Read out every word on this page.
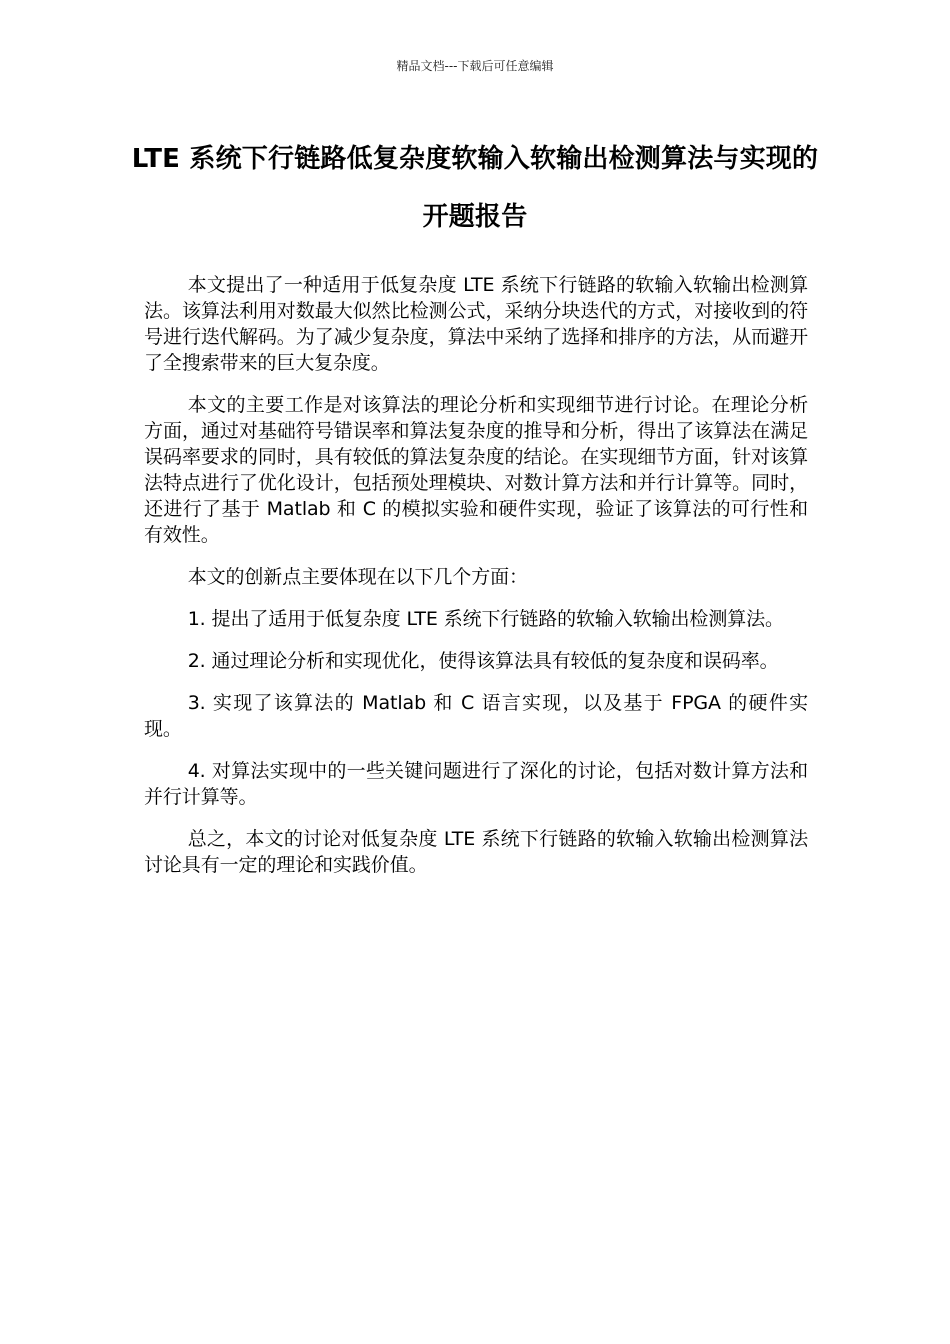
精品文档---下载后可任意编辑
LTE 系统下行链路低复杂度软输入软输出检测算法与实现的开题报告

本文提出了一种适用于低复杂度 LTE 系统下行链路的软输入软输出检测算法。该算法利用对数最大似然比检测公式，采纳分块迭代的方式，对接收到的符号进行迭代解码。为了减少复杂度，算法中采纳了选择和排序的方法，从而避开了全搜索带来的巨大复杂度。

本文的主要工作是对该算法的理论分析和实现细节进行讨论。在理论分析方面，通过对基础符号错误率和算法复杂度的推导和分析，得出了该算法在满足误码率要求的同时，具有较低的算法复杂度的结论。在实现细节方面，针对该算法特点进行了优化设计，包括预处理模块、对数计算方法和并行计算等。同时，还进行了基于 Matlab 和 C 的模拟实验和硬件实现，验证了该算法的可行性和有效性。

本文的创新点主要体现在以下几个方面：

1. 提出了适用于低复杂度 LTE 系统下行链路的软输入软输出检测算法。

2. 通过理论分析和实现优化，使得该算法具有较低的复杂度和误码率。

3. 实现了该算法的 Matlab 和 C 语言实现，以及基于 FPGA 的硬件实现。

4. 对算法实现中的一些关键问题进行了深化的讨论，包括对数计算方法和并行计算等。

总之，本文的讨论对低复杂度 LTE 系统下行链路的软输入软输出检测算法讨论具有一定的理论和实践价值。
